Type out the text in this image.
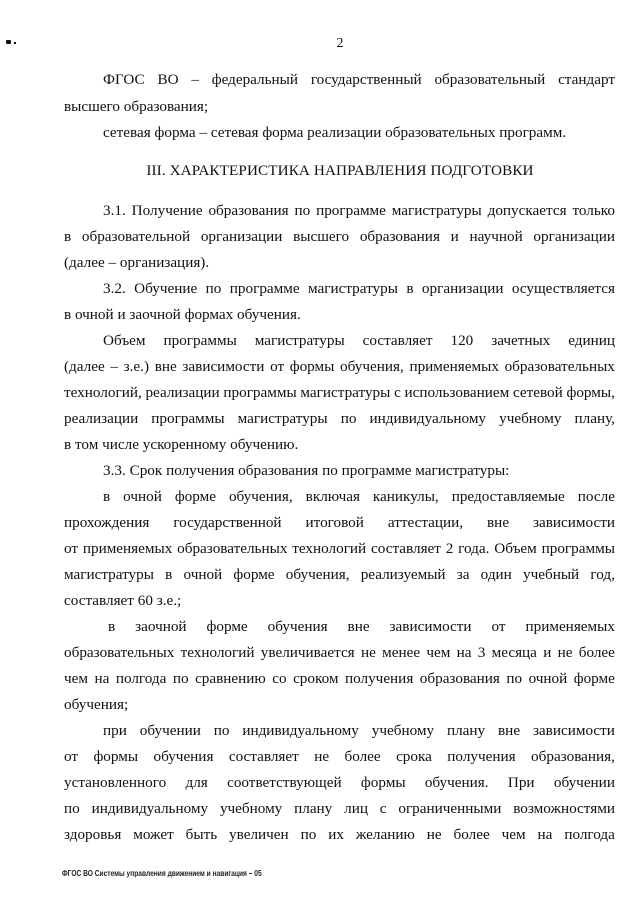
2
ФГОС ВО – федеральный государственный образовательный стандарт
высшего образования;
сетевая форма – сетевая форма реализации образовательных программ.
III. ХАРАКТЕРИСТИКА НАПРАВЛЕНИЯ ПОДГОТОВКИ
3.1. Получение образования по программе магистратуры допускается только
в образовательной организации высшего образования и научной организации
(далее – организация).
3.2. Обучение по программе магистратуры в организации осуществляется
в очной и заочной формах обучения.
Объем программы магистратуры составляет 120 зачетных единиц
(далее – з.е.) вне зависимости от формы обучения, применяемых образовательных
технологий, реализации программы магистратуры с использованием сетевой формы,
реализации программы магистратуры по индивидуальному учебному плану,
в том числе ускоренному обучению.
3.3. Срок получения образования по программе магистратуры:
в очной форме обучения, включая каникулы, предоставляемые после
прохождения государственной итоговой аттестации, вне зависимости
от применяемых образовательных технологий составляет 2 года. Объем программы
магистратуры в очной форме обучения, реализуемый за один учебный год,
составляет 60 з.е.;
в заочной форме обучения вне зависимости от применяемых
образовательных технологий увеличивается не менее чем на 3 месяца и не более
чем на полгода по сравнению со сроком получения образования по очной форме
обучения;
при обучении по индивидуальному учебному плану вне зависимости
от формы обучения составляет не более срока получения образования,
установленного для соответствующей формы обучения. При обучении
по индивидуальному учебному плану лиц с ограниченными возможностями
здоровья может быть увеличен по их желанию не более чем на полгода
ФГОС ВО Системы управления движением и навигация – 05
